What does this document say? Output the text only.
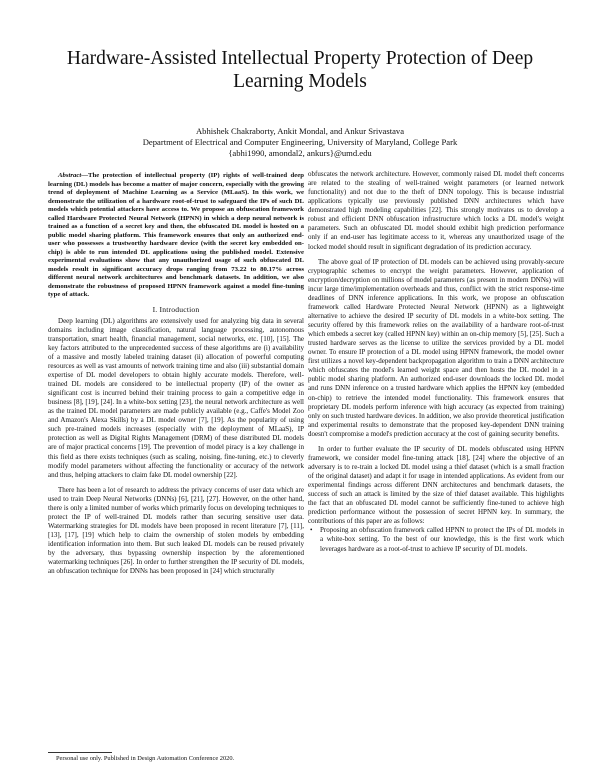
Hardware-Assisted Intellectual Property Protection of Deep Learning Models
Abhishek Chakraborty, Ankit Mondal, and Ankur Srivastava
Department of Electrical and Computer Engineering, University of Maryland, College Park
{abhi1990, amondal2, ankurs}@umd.edu

Abstract—The protection of intellectual property (IP) rights of well-trained deep learning (DL) models has become a matter of major concern, especially with the growing trend of deployment of Machine Learning as a Service (MLaaS). In this work, we demonstrate the utilization of a hardware root-of-trust to safeguard the IPs of such DL models which potential attackers have access to. We propose an obfuscation framework called Hardware Protected Neural Network (HPNN) in which a deep neural network is trained as a function of a secret key and then, the obfuscated DL model is hosted on a public model sharing platform. This framework ensures that only an authorized end-user who possesses a trustworthy hardware device (with the secret key embedded on-chip) is able to run intended DL applications using the published model. Extensive experimental evaluations show that any unauthorized usage of such obfuscated DL models result in significant accuracy drops ranging from 73.22 to 80.17% across different neural network architectures and benchmark datasets. In addition, we also demonstrate the robustness of proposed HPNN framework against a model fine-tuning type of attack.

I. Introduction

Deep learning (DL) algorithms are extensively used for analyzing big data in several domains including image classification, natural language processing, autonomous transportation, smart health, financial management, social networks, etc. [10], [15]. The key factors attributed to the unprecedented success of these algorithms are (i) availability of a massive and mostly labeled training dataset (ii) allocation of powerful computing resources as well as vast amounts of network training time and also (iii) substantial domain expertise of DL model developers to obtain highly accurate models. Therefore, well-trained DL models are considered to be intellectual property (IP) of the owner as significant cost is incurred behind their training process to gain a competitive edge in business [8], [19], [24]. In a white-box setting [23], the neural network architecture as well as the trained DL model parameters are made publicly available (e.g., Caffe's Model Zoo and Amazon's Alexa Skills) by a DL model owner [7], [19]. As the popularity of using such pre-trained models increases (especially with the deployment of MLaaS), IP protection as well as Digital Rights Management (DRM) of these distributed DL models are of major practical concerns [19]. The prevention of model piracy is a key challenge in this field as there exists techniques (such as scaling, noising, fine-tuning, etc.) to cleverly modify model parameters without affecting the functionality or accuracy of the network and thus, helping attackers to claim fake DL model ownership [22].

There has been a lot of research to address the privacy concerns of user data which are used to train Deep Neural Networks (DNNs) [6], [21], [27]. However, on the other hand, there is only a limited number of works which primarily focus on developing techniques to protect the IP of well-trained DL models rather than securing sensitive user data. Watermarking strategies for DL models have been proposed in recent literature [7], [11], [13], [17], [19] which help to claim the ownership of stolen models by embedding identification information into them. But such leaked DL models can be reused privately by the adversary, thus bypassing ownership inspection by the aforementioned watermarking techniques [26]. In order to further strengthen the IP security of DL models, an obfuscation technique for DNNs has been proposed in [24] which structurally

obfuscates the network architecture. However, commonly raised DL model theft concerns are related to the stealing of well-trained weight parameters (or learned network functionality) and not due to the theft of DNN topology. This is because industrial applications typically use previously published DNN architectures which have demonstrated high modeling capabilities [22]. This strongly motivates us to develop a robust and efficient DNN obfuscation infrastructure which locks a DL model's weight parameters. Such an obfuscated DL model should exhibit high prediction performance only if an end-user has legitimate access to it, whereas any unauthorized usage of the locked model should result in significant degradation of its prediction accuracy.

The above goal of IP protection of DL models can be achieved using provably-secure cryptographic schemes to encrypt the weight parameters. However, application of encryption/decryption on millions of model parameters (as present in modern DNNs) will incur large time/implementation overheads and thus, conflict with the strict response-time deadlines of DNN inference applications. In this work, we propose an obfuscation framework called Hardware Protected Neural Network (HPNN) as a lightweight alternative to achieve the desired IP security of DL models in a white-box setting. The security offered by this framework relies on the availability of a hardware root-of-trust which embeds a secret key (called HPNN key) within an on-chip memory [5], [25]. Such a trusted hardware serves as the license to utilize the services provided by a DL model owner. To ensure IP protection of a DL model using HPNN framework, the model owner first utilizes a novel key-dependent backpropagation algorithm to train a DNN architecture which obfuscates the model's learned weight space and then hosts the DL model in a public model sharing platform. An authorized end-user downloads the locked DL model and runs DNN inference on a trusted hardware which applies the HPNN key (embedded on-chip) to retrieve the intended model functionality. This framework ensures that proprietary DL models perform inference with high accuracy (as expected from training) only on such trusted hardware devices. In addition, we also provide theoretical justification and experimental results to demonstrate that the proposed key-dependent DNN training doesn't compromise a model's prediction accuracy at the cost of gaining security benefits.

In order to further evaluate the IP security of DL models obfuscated using HPNN framework, we consider model fine-tuning attack [18], [24] where the objective of an adversary is to re-train a locked DL model using a thief dataset (which is a small fraction of the original dataset) and adapt it for usage in intended applications. As evident from our experimental findings across different DNN architectures and benchmark datasets, the success of such an attack is limited by the size of thief dataset available. This highlights the fact that an obfuscated DL model cannot be sufficiently fine-tuned to achieve high prediction performance without the possession of secret HPNN key. In summary, the contributions of this paper are as follows:

• Proposing an obfuscation framework called HPNN to protect the IPs of DL models in a white-box setting. To the best of our knowledge, this is the first work which leverages hardware as a root-of-trust to achieve IP security of DL models.

Personal use only. Published in Design Automation Conference 2020.
